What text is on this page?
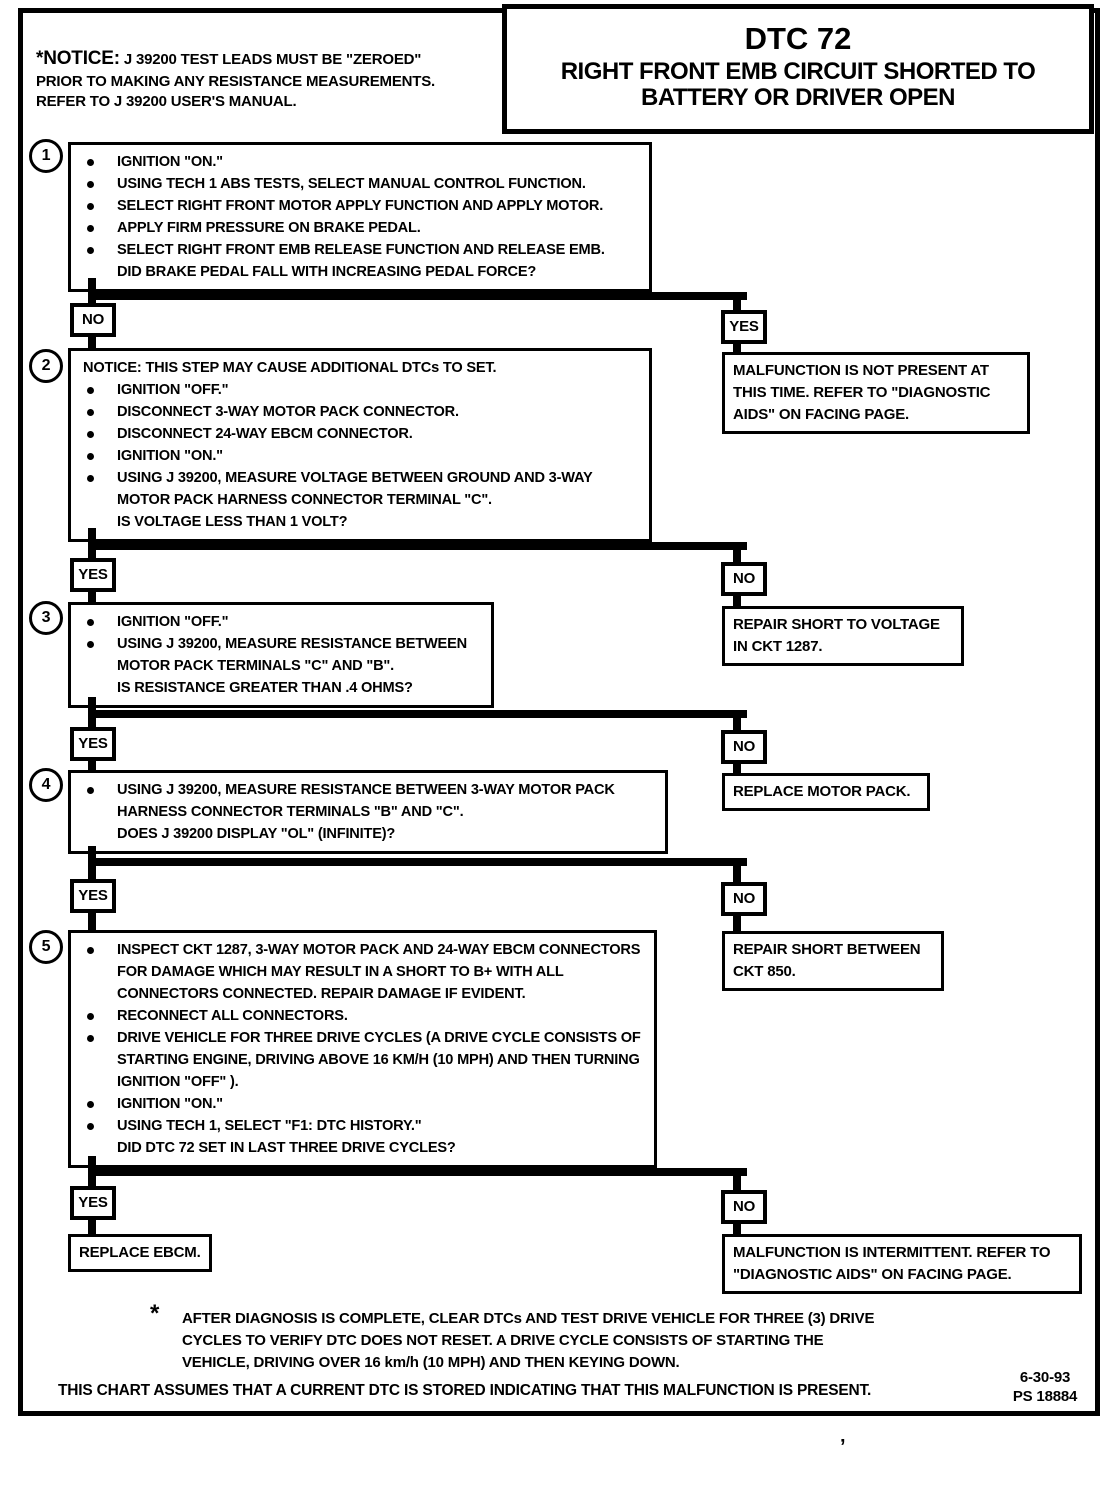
*NOTICE: J 39200 TEST LEADS MUST BE "ZEROED"
PRIOR TO MAKING ANY RESISTANCE MEASUREMENTS.
REFER TO J 39200 USER'S MANUAL.
DTC 72
RIGHT FRONT EMB CIRCUIT SHORTED TO BATTERY OR DRIVER OPEN
1	IGNITION "ON."
USING TECH 1 ABS TESTS, SELECT MANUAL CONTROL FUNCTION.
SELECT RIGHT FRONT MOTOR APPLY FUNCTION AND APPLY MOTOR.
APPLY FIRM PRESSURE ON BRAKE PEDAL.
SELECT RIGHT FRONT EMB RELEASE FUNCTION AND RELEASE EMB.
DID BRAKE PEDAL FALL WITH INCREASING PEDAL FORCE?
NO	YES
MALFUNCTION IS NOT PRESENT AT THIS TIME. REFER TO "DIAGNOSTIC AIDS" ON FACING PAGE.
2	NOTICE: THIS STEP MAY CAUSE ADDITIONAL DTCs TO SET.
IGNITION "OFF."
DISCONNECT 3-WAY MOTOR PACK CONNECTOR.
DISCONNECT 24-WAY EBCM CONNECTOR.
IGNITION "ON."
USING J 39200, MEASURE VOLTAGE BETWEEN GROUND AND 3-WAY MOTOR PACK HARNESS CONNECTOR TERMINAL "C".
IS VOLTAGE LESS THAN 1 VOLT?
YES	NO
REPAIR SHORT TO VOLTAGE IN CKT 1287.
3	IGNITION "OFF."
USING J 39200, MEASURE RESISTANCE BETWEEN MOTOR PACK TERMINALS "C" AND "B".
IS RESISTANCE GREATER THAN .4 OHMS?
YES	NO
REPLACE MOTOR PACK.
4	USING J 39200, MEASURE RESISTANCE BETWEEN 3-WAY MOTOR PACK HARNESS CONNECTOR TERMINALS "B" AND "C".
DOES J 39200 DISPLAY "OL" (INFINITE)?
YES	NO
REPAIR SHORT BETWEEN CKT 850.
5	INSPECT CKT 1287, 3-WAY MOTOR PACK AND 24-WAY EBCM CONNECTORS FOR DAMAGE WHICH MAY RESULT IN A SHORT TO B+ WITH ALL CONNECTORS CONNECTED. REPAIR DAMAGE IF EVIDENT.
RECONNECT ALL CONNECTORS.
DRIVE VEHICLE FOR THREE DRIVE CYCLES (A DRIVE CYCLE CONSISTS OF STARTING ENGINE, DRIVING ABOVE 16 KM/H (10 MPH) AND THEN TURNING IGNITION "OFF" ).
IGNITION "ON."
USING TECH 1, SELECT "F1: DTC HISTORY."
DID DTC 72 SET IN LAST THREE DRIVE CYCLES?
YES
REPLACE EBCM.
NO
MALFUNCTION IS INTERMITTENT. REFER TO "DIAGNOSTIC AIDS" ON FACING PAGE.
* AFTER DIAGNOSIS IS COMPLETE, CLEAR DTCs AND TEST DRIVE VEHICLE FOR THREE (3) DRIVE CYCLES TO VERIFY DTC DOES NOT RESET. A DRIVE CYCLE CONSISTS OF STARTING THE VEHICLE, DRIVING OVER 16 km/h (10 MPH) AND THEN KEYING DOWN.
THIS CHART ASSUMES THAT A CURRENT DTC IS STORED INDICATING THAT THIS MALFUNCTION IS PRESENT.
6-30-93
PS 18884
’
